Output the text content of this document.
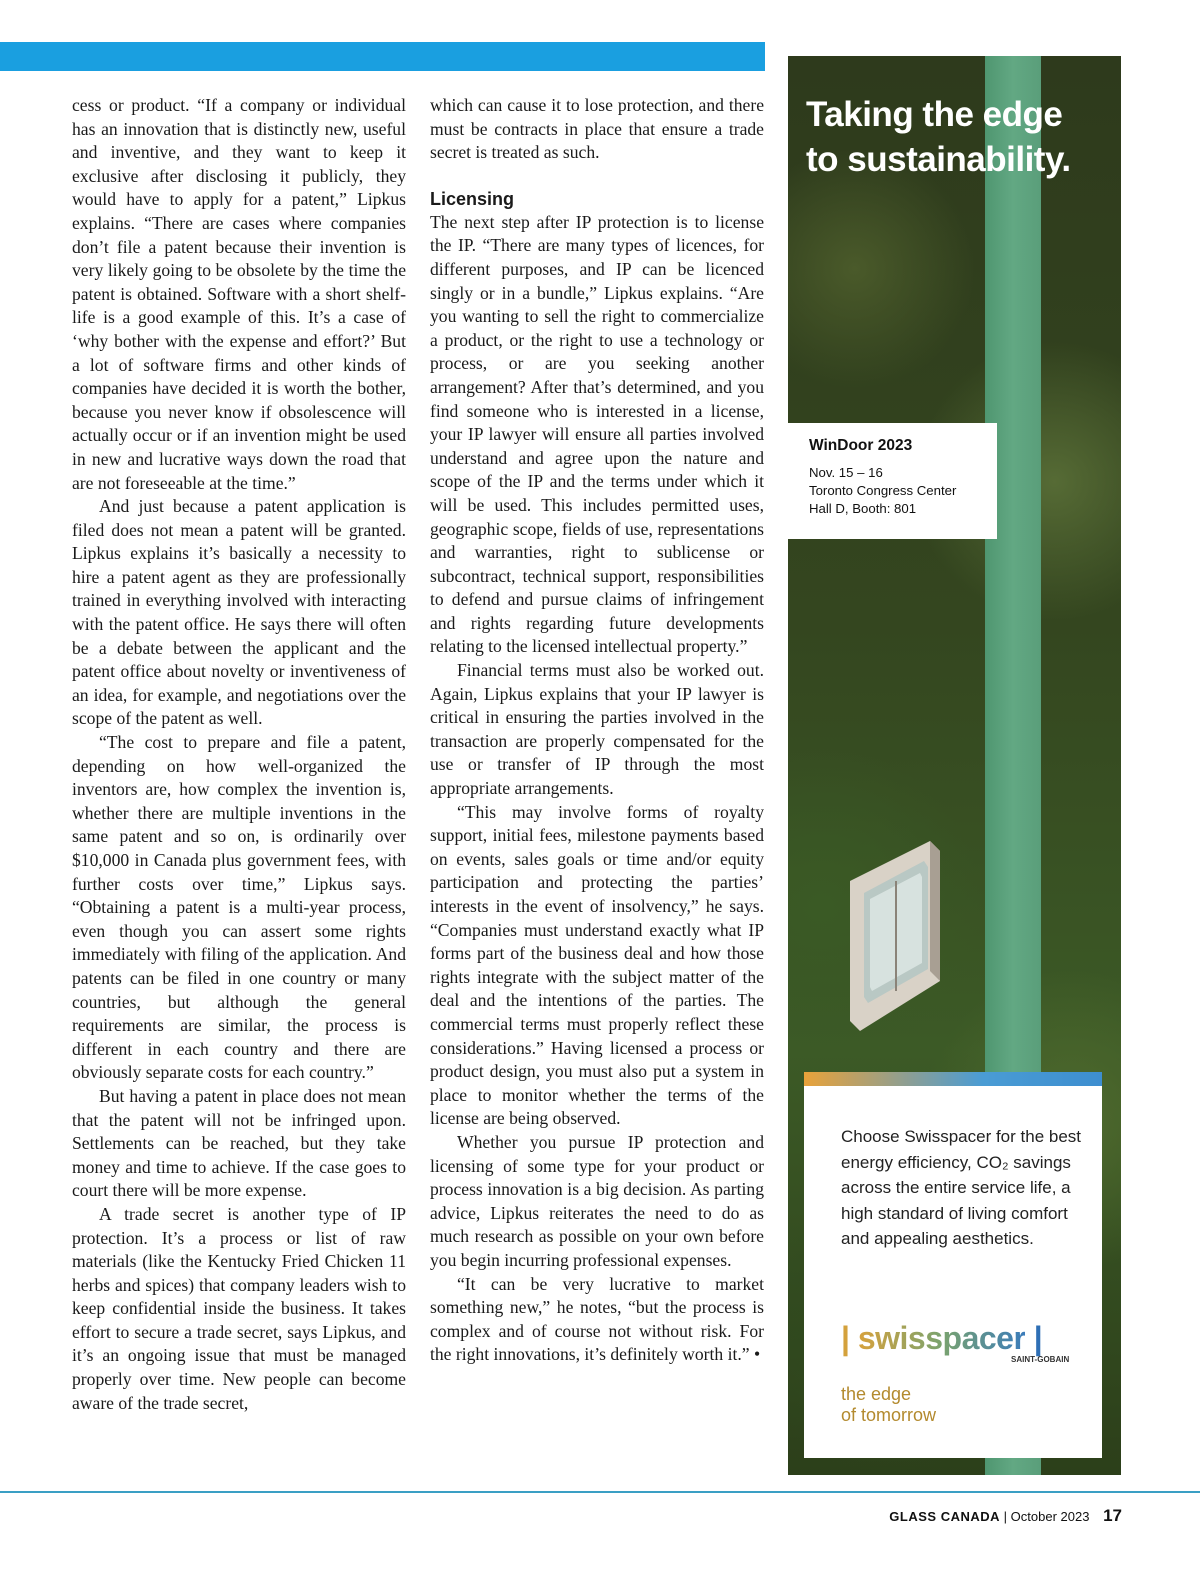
cess or product. “If a company or individual has an innovation that is distinctly new, useful and inventive, and they want to keep it exclusive after disclosing it publicly, they would have to apply for a patent,” Lipkus explains. “There are cases where companies don’t file a patent because their invention is very likely going to be obsolete by the time the patent is obtained. Software with a short shelf-life is a good example of this. It’s a case of ‘why bother with the expense and effort?’ But a lot of software firms and other kinds of companies have decided it is worth the bother, because you never know if obsolescence will actually occur or if an invention might be used in new and lucrative ways down the road that are not foreseeable at the time.”

And just because a patent application is filed does not mean a patent will be granted. Lipkus explains it’s basically a necessity to hire a patent agent as they are professionally trained in everything involved with interacting with the patent office. He says there will often be a debate between the applicant and the patent office about novelty or inventiveness of an idea, for example, and negotiations over the scope of the patent as well.

“The cost to prepare and file a patent, depending on how well-organized the inventors are, how complex the invention is, whether there are multiple inventions in the same patent and so on, is ordinarily over $10,000 in Canada plus government fees, with further costs over time,” Lipkus says. “Obtaining a patent is a multi-year process, even though you can assert some rights immediately with filing of the application. And patents can be filed in one country or many countries, but although the general requirements are similar, the process is different in each country and there are obviously separate costs for each country.”

But having a patent in place does not mean that the patent will not be infringed upon. Settlements can be reached, but they take money and time to achieve. If the case goes to court there will be more expense.

A trade secret is another type of IP protection. It’s a process or list of raw materials (like the Kentucky Fried Chicken 11 herbs and spices) that company leaders wish to keep confidential inside the business. It takes effort to secure a trade secret, says Lipkus, and it’s an ongoing issue that must be managed properly over time. New people can become aware of the trade secret,

which can cause it to lose protection, and there must be contracts in place that ensure a trade secret is treated as such.

Licensing

The next step after IP protection is to license the IP. “There are many types of licences, for different purposes, and IP can be licenced singly or in a bundle,” Lipkus explains. “Are you wanting to sell the right to commercialize a product, or the right to use a technology or process, or are you seeking another arrangement? After that’s determined, and you find someone who is interested in a license, your IP lawyer will ensure all parties involved understand and agree upon the nature and scope of the IP and the terms under which it will be used. This includes permitted uses, geographic scope, fields of use, representations and warranties, right to sublicense or subcontract, technical support, responsibilities to defend and pursue claims of infringement and rights regarding future developments relating to the licensed intellectual property.”

Financial terms must also be worked out. Again, Lipkus explains that your IP lawyer is critical in ensuring the parties involved in the transaction are properly compensated for the use or transfer of IP through the most appropriate arrangements.

“This may involve forms of royalty support, initial fees, milestone payments based on events, sales goals or time and/or equity participation and protecting the parties’ interests in the event of insolvency,” he says. “Companies must understand exactly what IP forms part of the business deal and how those rights integrate with the subject matter of the deal and the intentions of the parties. The commercial terms must properly reflect these considerations.” Having licensed a process or product design, you must also put a system in place to monitor whether the terms of the license are being observed.

Whether you pursue IP protection and licensing of some type for your product or process innovation is a big decision. As parting advice, Lipkus reiterates the need to do as much research as possible on your own before you begin incurring professional expenses.

“It can be very lucrative to market something new,” he notes, “but the process is complex and of course not without risk. For the right innovations, it’s definitely worth it.” •

Taking the edge
to sustainability.
WinDoor 2023
Nov. 15 – 16
Toronto Congress Center
Hall D, Booth: 801
Choose Swisspacer for the best energy efficiency, CO₂ savings across the entire service life, a high standard of living comfort and appealing aesthetics.
| swisspacer |
SAINT-GOBAIN
the edge
of tomorrow
GLASS CANADA | October 2023 17
